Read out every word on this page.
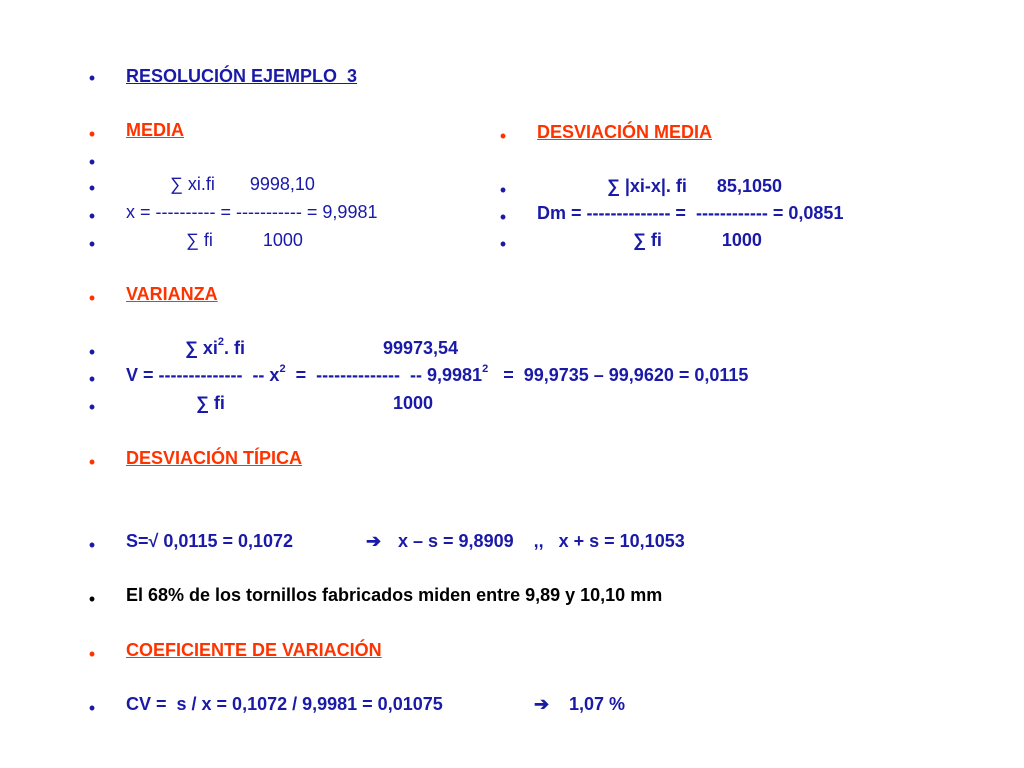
• RESOLUCIÓN EJEMPLO  3
• MEDIA
•
•	∑ xi.fi       9998,10
• x = ---------- = ----------- = 9,9981
•	∑ fi          1000
• DESVIACIÓN MEDIA
•	∑ |xi-x|. fi      85,1050
• Dm = -------------- =  ------------ = 0,0851
•	∑ fi            1000
• VARIANZA
•	∑ $xi^2$. fi	99973,54
• V = --------------  -- $x^2$  =  --------------  -- 9,9981$^2$   =  99,9735 – 99,9620 = 0,0115
•	∑ fi	1000
• DESVIACIÓN TÍPICA
• S=√ 0,0115 = 0,1072	➔ x – s = 9,8909    ,,   x + s = 10,1053
• El 68% de los tornillos fabricados miden entre 9,89 y 10,10 mm
• COEFICIENTE DE VARIACIÓN
• CV =  s / x = 0,1072 / 9,9981 = 0,01075	➔ 1,07 %
